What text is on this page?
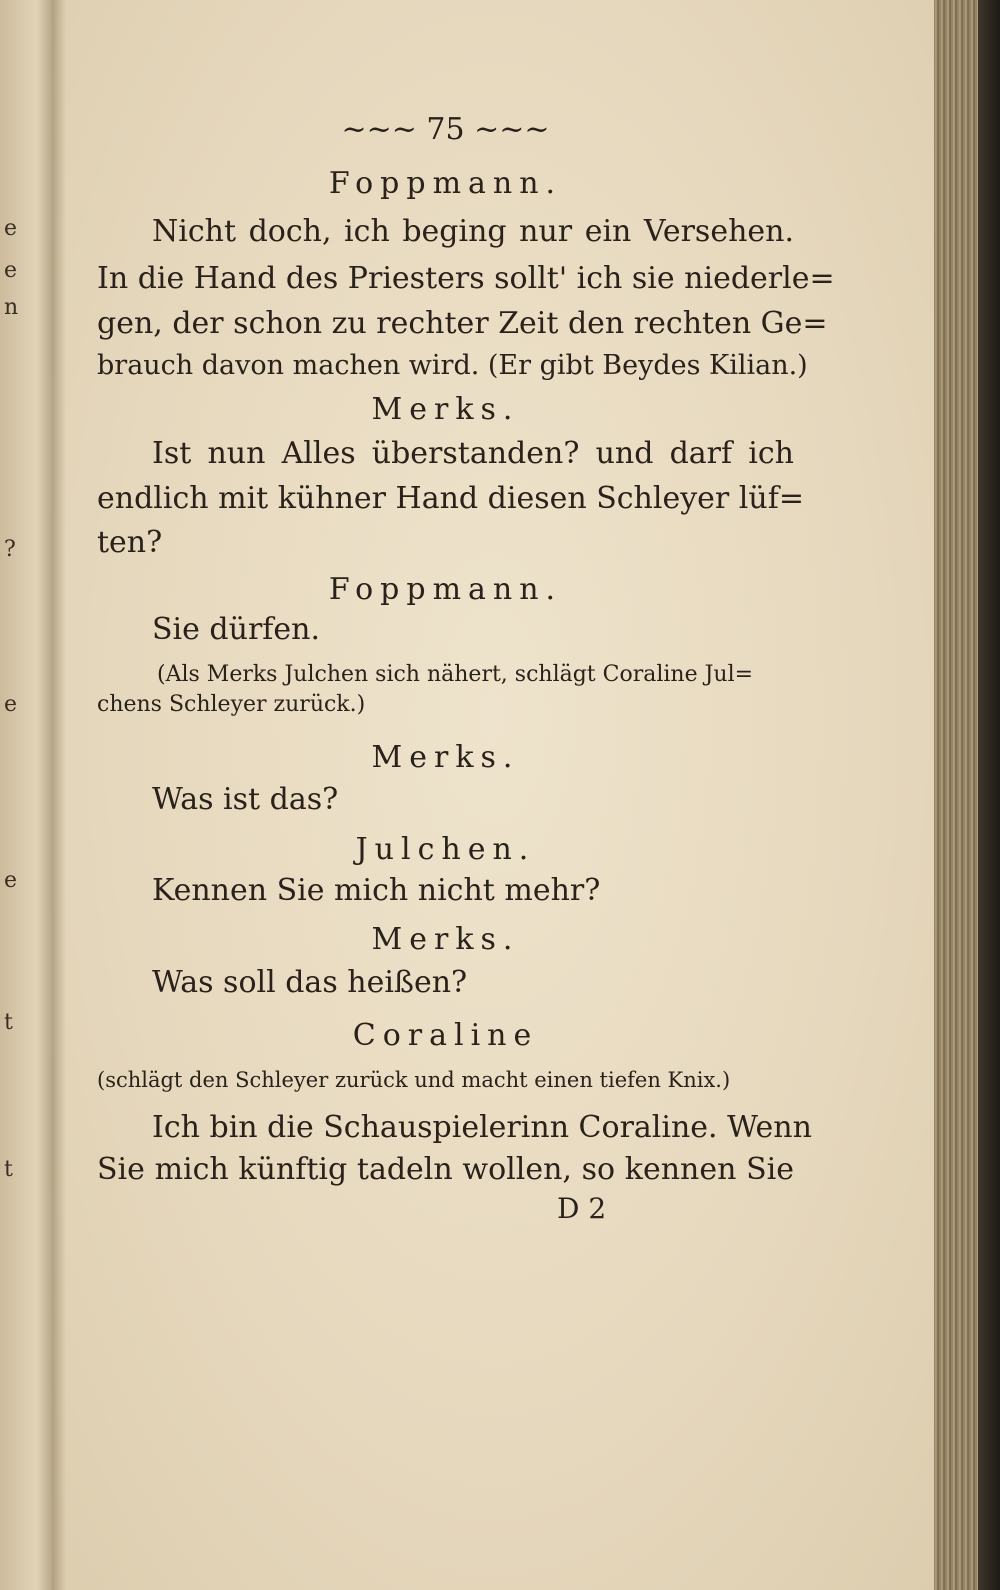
e
e
n
?
e
e
t
t
~~~ 75 ~~~
Foppmann.
Nicht doch, ich beging nur ein Versehen.
In die Hand des Priesters sollt' ich sie niederle=
gen, der schon zu rechter Zeit den rechten Ge=
brauch davon machen wird. (Er gibt Beydes Kilian.)
Merks.
Ist nun Alles überstanden? und darf ich
endlich mit kühner Hand diesen Schleyer lüf=
ten?
Foppmann.
Sie dürfen.
(Als Merks Julchen sich nähert, schlägt Coraline Jul=
chens Schleyer zurück.)
Merks.
Was ist das?
Julchen.
Kennen Sie mich nicht mehr?
Merks.
Was soll das heißen?
Coraline
(schlägt den Schleyer zurück und macht einen tiefen Knix.)
Ich bin die Schauspielerinn Coraline. Wenn
Sie mich künftig tadeln wollen, so kennen Sie
D 2
